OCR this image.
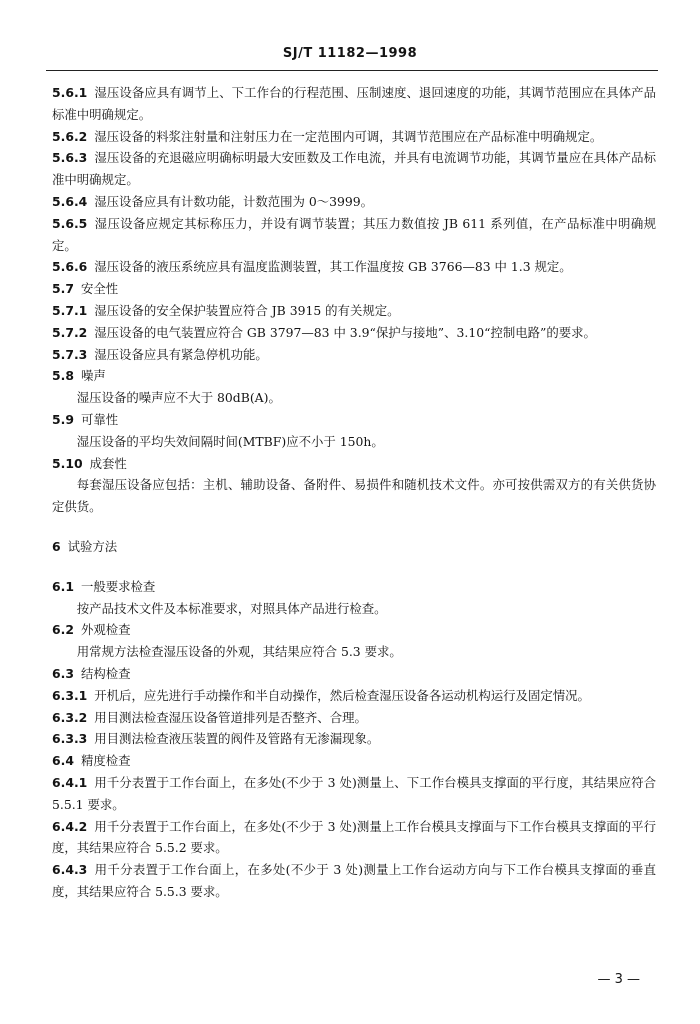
SJ/T 11182—1998

5.6.1 湿压设备应具有调节上、下工作台的行程范围、压制速度、退回速度的功能，其调节范围应在具体产品标准中明确规定。

5.6.2 湿压设备的料浆注射量和注射压力在一定范围内可调，其调节范围应在产品标准中明确规定。

5.6.3 湿压设备的充退磁应明确标明最大安匝数及工作电流，并具有电流调节功能，其调节量应在具体产品标准中明确规定。

5.6.4 湿压设备应具有计数功能，计数范围为 0～3999。

5.6.5 湿压设备应规定其标称压力，并设有调节装置；其压力数值按 JB 611 系列值，在产品标准中明确规定。

5.6.6 湿压设备的液压系统应具有温度监测装置，其工作温度按 GB 3766—83 中 1.3 规定。

5.7 安全性

5.7.1 湿压设备的安全保护装置应符合 JB 3915 的有关规定。

5.7.2 湿压设备的电气装置应符合 GB 3797—83 中 3.9“保护与接地”、3.10“控制电路”的要求。

5.7.3 湿压设备应具有紧急停机功能。

5.8 噪声

湿压设备的噪声应不大于 80dB(A)。

5.9 可靠性

湿压设备的平均失效间隔时间(MTBF)应不小于 150h。

5.10 成套性

每套湿压设备应包括：主机、辅助设备、备附件、易损件和随机技术文件。亦可按供需双方的有关供货协定供货。

6 试验方法

6.1 一般要求检查

按产品技术文件及本标准要求，对照具体产品进行检查。

6.2 外观检查

用常规方法检查湿压设备的外观，其结果应符合 5.3 要求。

6.3 结构检查

6.3.1 开机后，应先进行手动操作和半自动操作，然后检查湿压设备各运动机构运行及固定情况。

6.3.2 用目测法检查湿压设备管道排列是否整齐、合理。

6.3.3 用目测法检查液压装置的阀件及管路有无渗漏现象。

6.4 精度检查

6.4.1 用千分表置于工作台面上，在多处(不少于 3 处)测量上、下工作台模具支撑面的平行度，其结果应符合 5.5.1 要求。

6.4.2 用千分表置于工作台面上，在多处(不少于 3 处)测量上工作台模具支撑面与下工作台模具支撑面的平行度，其结果应符合 5.5.2 要求。

6.4.3 用千分表置于工作台面上，在多处(不少于 3 处)测量上工作台运动方向与下工作台模具支撑面的垂直度，其结果应符合 5.5.3 要求。

— 3 —
